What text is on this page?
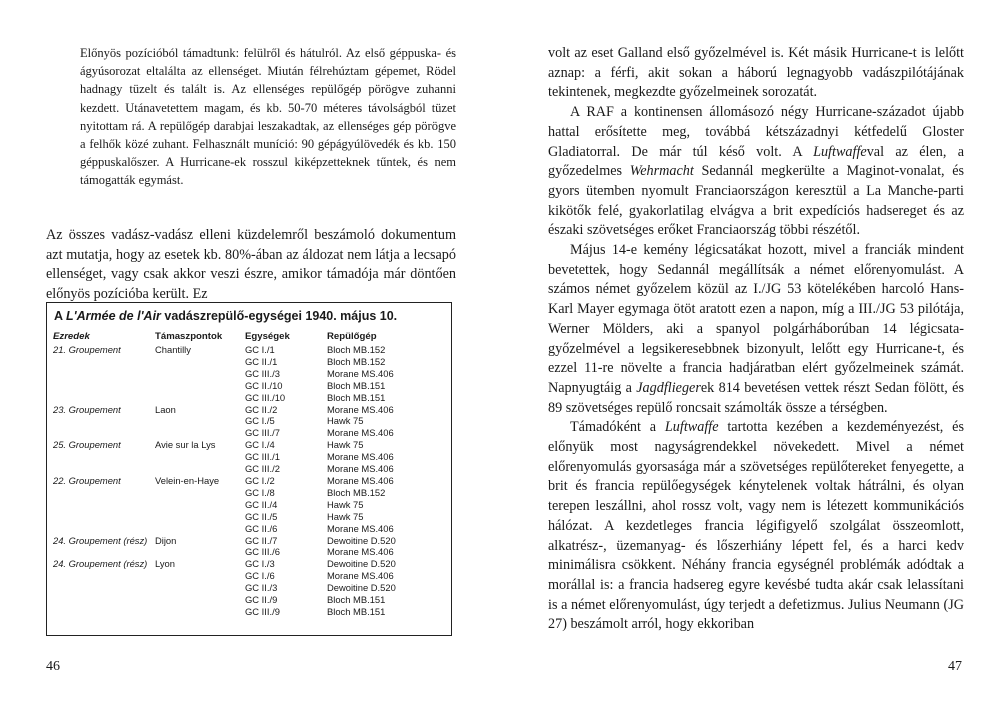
Előnyös pozícióból támadtunk: felülről és hátulról. Az első géppuska- és ágyúsorozat eltalálta az ellenséget. Miután félrehúztam gépemet, Rödel hadnagy tüzelt és talált is. Az ellenséges repülőgép pörögve zuhanni kezdett. Utánavetettem magam, és kb. 50-70 méteres távolságból tüzet nyitottam rá. A repülőgép darabjai leszakadtak, az ellenséges gép pörögve a felhők közé zuhant. Felhasznált muníció: 90 gépágyúlövedék és kb. 150 géppuskalőszer. A Hurricane-ek rosszul kiképzetteknek tűntek, és nem támogatták egymást.

Az összes vadász-vadász elleni küzdelemről beszámoló dokumentum azt mutatja, hogy az esetek kb. 80%-ában az áldozat nem látja a lecsapó ellenséget, vagy csak akkor veszi észre, amikor támadója már döntően előnyös pozícióba került. Ez

A L'Armée de l'Air vadászrepülő-egységei 1940. május 10.
Ezredek	Támaszpontok	Egységek	Repülőgép
21. Groupement	Chantilly	GC I./1	Bloch MB.152
		GC II./1	Bloch MB.152
		GC III./3	Morane MS.406
		GC II./10	Bloch MB.151
		GC III./10	Bloch MB.151
23. Groupement	Laon	GC II./2	Morane MS.406
		GC I./5	Hawk 75
		GC III./7	Morane MS.406
25. Groupement	Avie sur la Lys	GC I./4	Hawk 75
		GC III./1	Morane MS.406
		GC III./2	Morane MS.406
22. Groupement	Velein-en-Haye	GC I./2	Morane MS.406
		GC I./8	Bloch MB.152
		GC II./4	Hawk 75
		GC II./5	Hawk 75
		GC II./6	Morane MS.406
24. Groupement (rész)	Dijon	GC II./7	Dewoitine D.520
		GC III./6	Morane MS.406
24. Groupement (rész)	Lyon	GC I./3	Dewoitine D.520
		GC I./6	Morane MS.406
		GC II./3	Dewoitine D.520
		GC II./9	Bloch MB.151
		GC III./9	Bloch MB.151
46

volt az eset Galland első győzelmével is. Két másik Hurricane-t is lelőtt aznap: a férfi, akit sokan a háború legnagyobb vadászpilótájának tekintenek, megkezdte győzelmeinek sorozatát.

A RAF a kontinensen állomásozó négy Hurricane-századot újabb hattal erősítette meg, továbbá kétszázadnyi kétfedelű Gloster Gladiatorral. De már túl késő volt. A Luftwaffeval az élen, a győzedelmes Wehrmacht Sedannál megkerülte a Maginot-vonalat, és gyors ütemben nyomult Franciaországon keresztül a La Manche-parti kikötők felé, gyakorlatilag elvágva a brit expedíciós hadsereget és az északi szövetséges erőket Franciaország többi részétől.

Május 14-e kemény légicsatákat hozott, mivel a franciák mindent bevetettek, hogy Sedannál megállítsák a német előrenyomulást. A számos német győzelem közül az I./JG 53 kötelékében harcoló Hans-Karl Mayer egymaga ötöt aratott ezen a napon, míg a III./JG 53 pilótája, Werner Mölders, aki a spanyol polgárháborúban 14 légicsata-győzelmével a legsikeresebbnek bizonyult, lelőtt egy Hurricane-t, és ezzel 11-re növelte a francia hadjáratban elért győzelmeinek számát. Napnyugtáig a Jagdfliegerek 814 bevetésen vettek részt Sedan fölött, és 89 szövetséges repülő roncsait számolták össze a térségben.

Támadóként a Luftwaffe tartotta kezében a kezdeményezést, és előnyük most nagyságrendekkel növekedett. Mivel a német előrenyomulás gyorsasága már a szövetséges repülőtereket fenyegette, a brit és francia repülőegységek kénytelenek voltak hátrálni, és olyan terepen leszállni, ahol rossz volt, vagy nem is létezett kommunikációs hálózat. A kezdetleges francia légifigyelő szolgálat összeomlott, alkatrész-, üzemanyag- és lőszerhiány lépett fel, és a harci kedv minimálisra csökkent. Néhány francia egységnél problémák adódtak a morállal is: a francia hadsereg egyre kevésbé tudta akár csak lelassítani is a német előrenyomulást, úgy terjedt a defetizmus. Julius Neumann (JG 27) beszámolt arról, hogy ekkoriban

47
